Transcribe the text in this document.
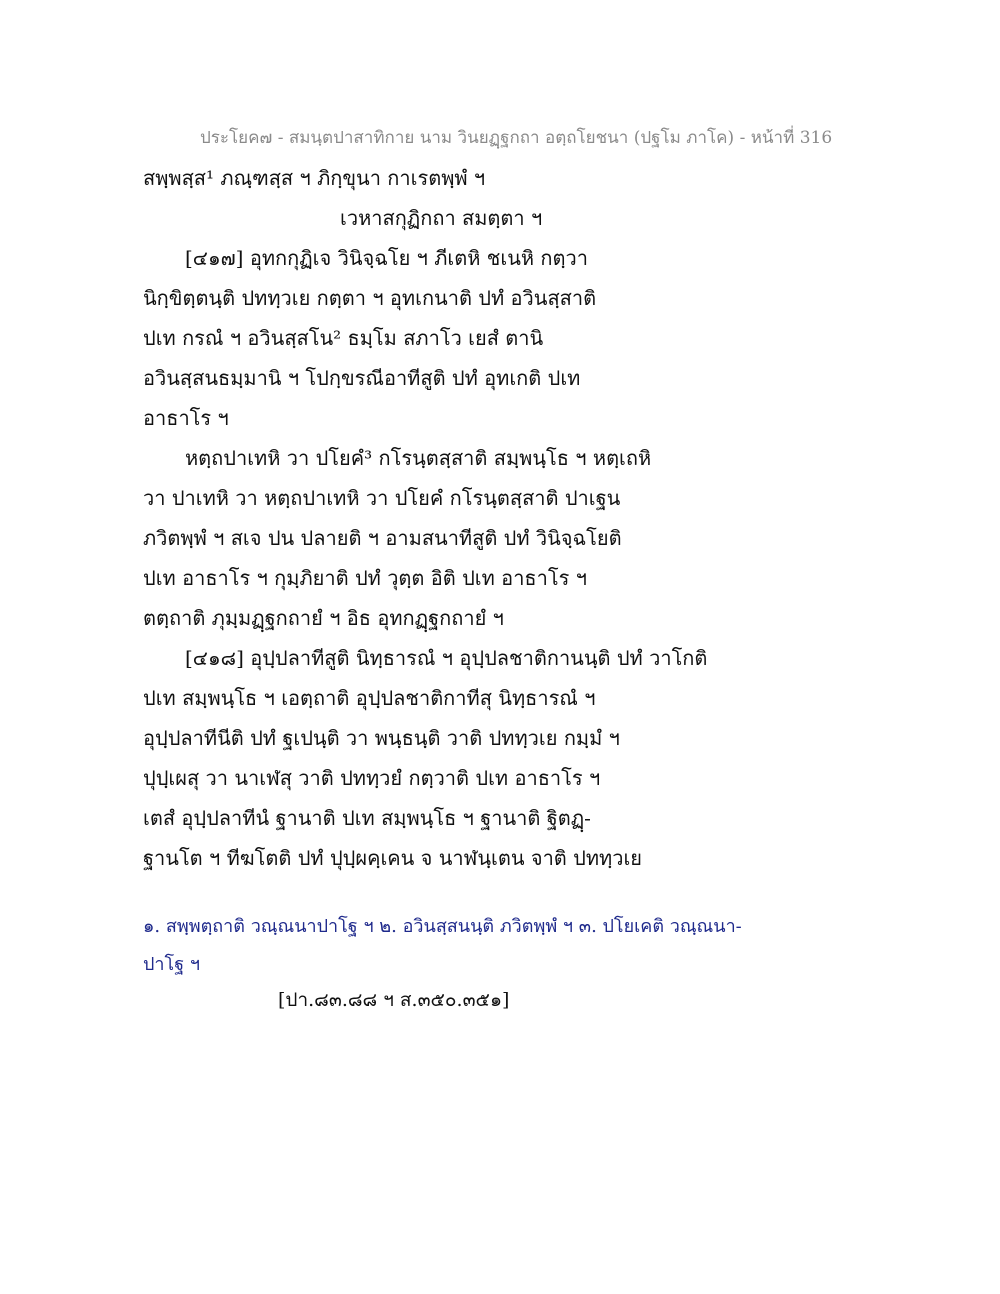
ประโยค๗ - สมนฺตปาสาทิกาย นาม วินยฏฺฐกถา อตฺถโยชนา (ปฐโม ภาโค) - หน้าที่ 316
สพฺพสฺส¹ ภณฺฑสฺส ฯ ภิกฺขุนา กาเรตพฺพํ ฯ
เวหาสกุฏิกถา สมตฺตา ฯ
[๔๑๗] อุทกกุฏิเจ วินิจฺฉโย ฯ ภีเตหิ ชเนหิ กตฺวา
นิกฺขิตฺตนฺติ ปททฺวเย กตฺตา ฯ อุทเกนาติ ปทํ อวินสฺสาติ
ปเท กรณํ ฯ อวินสฺสโน² ธมฺโม สภาโว เยสํ ตานิ
อวินสฺสนธมฺมานิ ฯ โปกฺขรณีอาทีสูติ ปทํ อุทเกติ ปเท
อาธาโร ฯ
หตฺถปาเทหิ วา ปโยคํ³ กโรนฺตสฺสาติ สมฺพนฺโธ ฯ หตฺเถหิ
วา ปาเทหิ วา หตฺถปาเทหิ วา ปโยคํ กโรนฺตสฺสาติ ปาเฐน
ภวิตพฺพํ ฯ สเจ ปน ปลายติ ฯ อามสนาทีสูติ ปทํ วินิจฺฉโยติ
ปเท อาธาโร ฯ กุมฺภิยาติ ปทํ วุตฺต อิติ ปเท อาธาโร ฯ
ตตฺถาติ ภุมฺมฏฺฐกถายํ ฯ อิธ อุทกฏฺฐกถายํ ฯ
[๔๑๘] อุปฺปลาทีสูติ นิทฺธารณํ ฯ อุปฺปลชาติกานนฺติ ปทํ วาโกติ
ปเท สมฺพนฺโธ ฯ เอตฺถาติ อุปฺปลชาติกาทีสุ นิทฺธารณํ ฯ
อุปฺปลาทีนีติ ปทํ ฐเปนฺติ วา พนฺธนฺติ วาติ ปททฺวเย กมฺมํ ฯ
ปุปฺเผสุ วา นาเฬสุ วาติ ปททฺวยํ กตฺวาติ ปเท อาธาโร ฯ
เตสํ อุปฺปลาทีนํ ฐานาติ ปเท สมฺพนฺโธ ฯ ฐานาติ ฐิตฏฺ-
ฐานโต ฯ ทีฆโตติ ปทํ ปุปฺผคฺเคน จ นาฬนฺเตน จาติ ปททฺวเย
๑. สพฺพตฺถาติ วณฺณนาปาโฐ ฯ ๒. อวินสฺสนนฺติ ภวิตพฺพํ ฯ ๓. ปโยเคติ วณฺณนา-
ปาโฐ ฯ
[ปา.๘๓.๘๘ ฯ ส.๓๕๐.๓๕๑]
